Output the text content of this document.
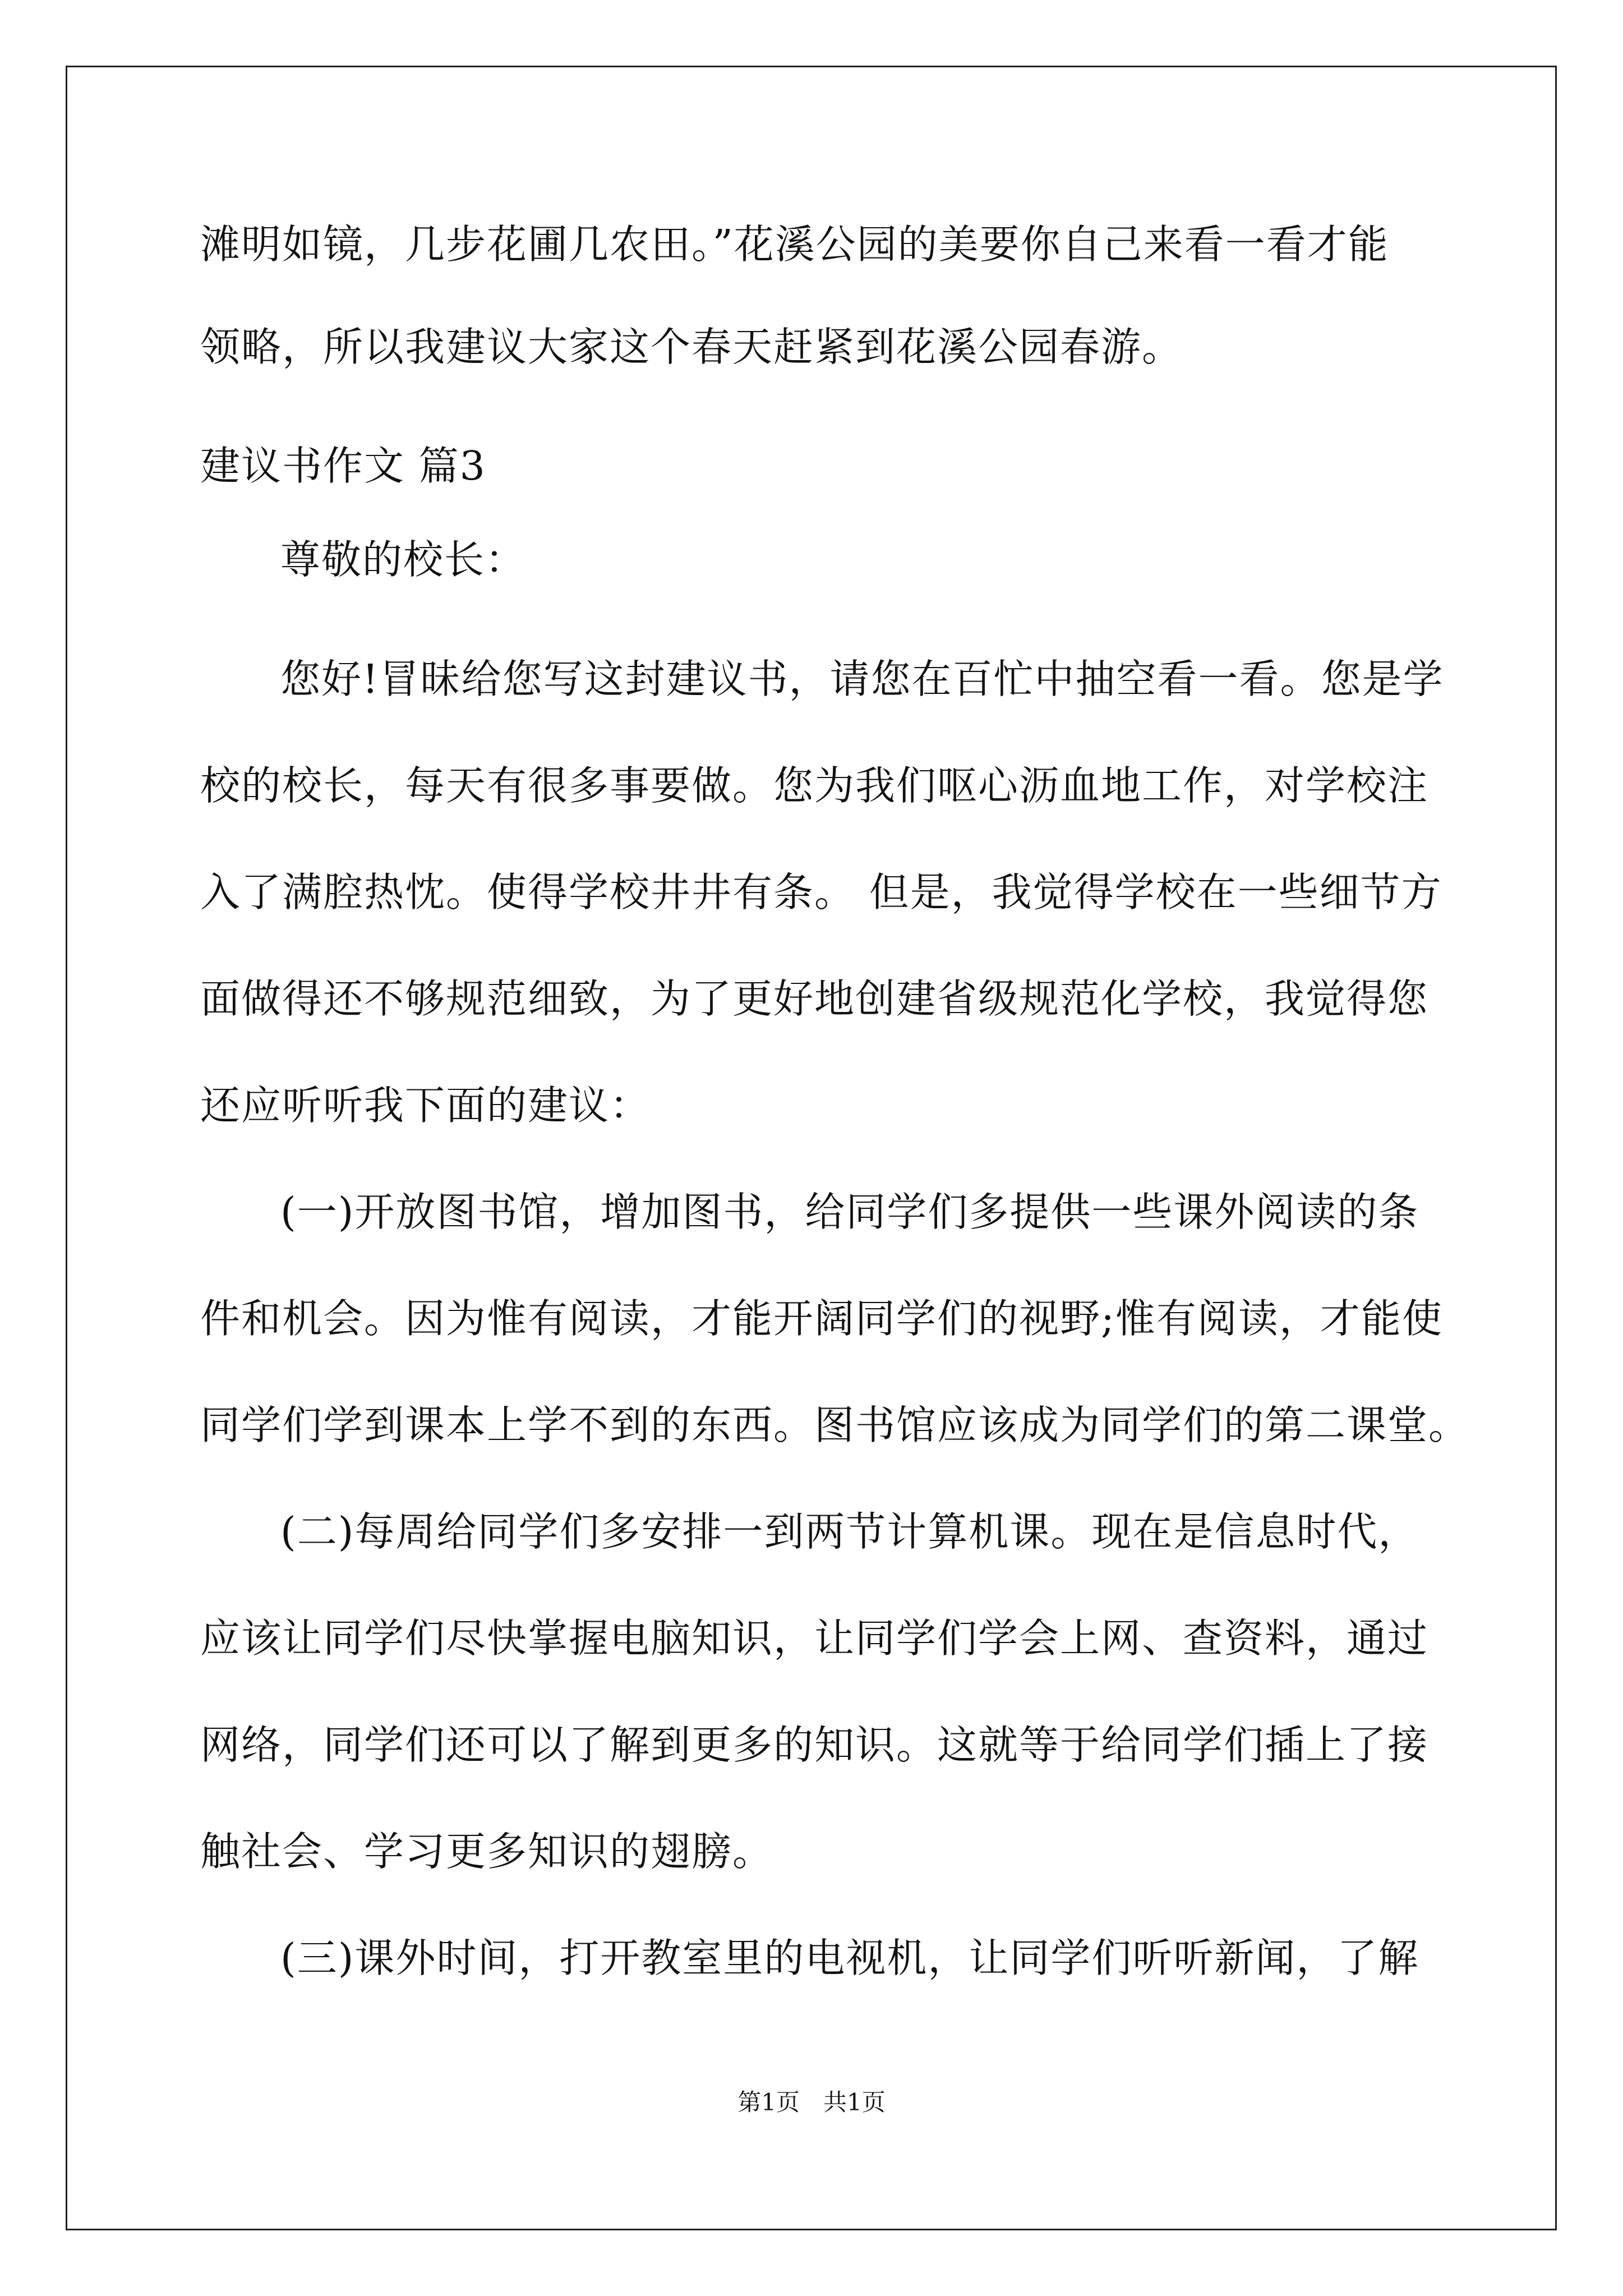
滩明如镜，几步花圃几农田。”花溪公园的美要你自己来看一看才能
领略，所以我建议大家这个春天赶紧到花溪公园春游。
建议书作文 篇3
尊敬的校长：
您好!冒昧给您写这封建议书，请您在百忙中抽空看一看。您是学
校的校长，每天有很多事要做。您为我们呕心沥血地工作，对学校注
入了满腔热忱。使得学校井井有条。 但是，我觉得学校在一些细节方
面做得还不够规范细致，为了更好地创建省级规范化学校，我觉得您
还应听听我下面的建议：
(一)开放图书馆，增加图书，给同学们多提供一些课外阅读的条
件和机会。因为惟有阅读，才能开阔同学们的视野;惟有阅读，才能使
同学们学到课本上学不到的东西。图书馆应该成为同学们的第二课堂。
(二)每周给同学们多安排一到两节计算机课。现在是信息时代，
应该让同学们尽快掌握电脑知识，让同学们学会上网、查资料，通过
网络，同学们还可以了解到更多的知识。这就等于给同学们插上了接
触社会、学习更多知识的翅膀。
(三)课外时间，打开教室里的电视机，让同学们听听新闻，了解
第1页　共1页
